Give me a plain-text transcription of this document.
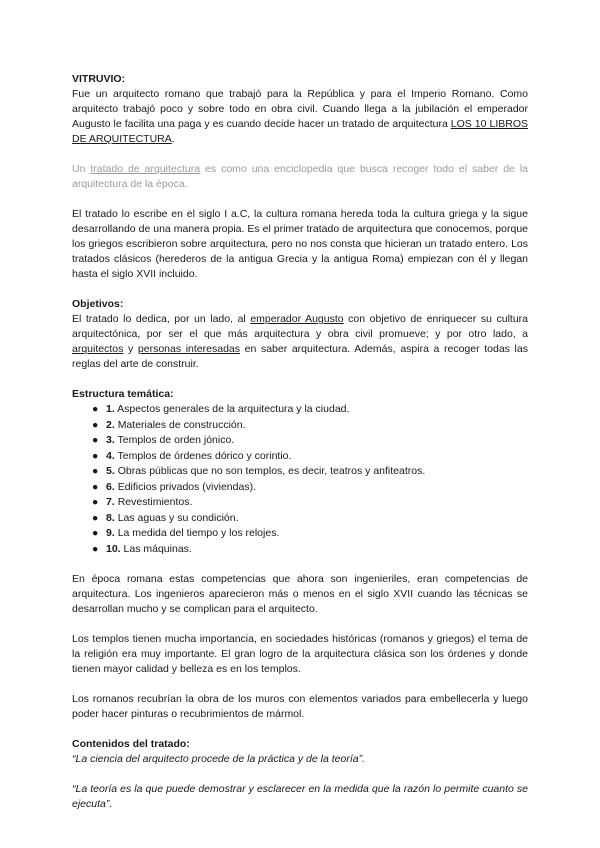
VITRUVIO:

Fue un arquitecto romano que trabajó para la República y para el Imperio Romano. Como arquitecto trabajó poco y sobre todo en obra civil. Cuando llega a la jubilación el emperador Augusto le facilita una paga y es cuando decide hacer un tratado de arquitectura LOS 10 LIBROS DE ARQUITECTURA.

Un tratado de arquitectura es como una enciclopedia que busca recoger todo el saber de la arquitectura de la época.

El tratado lo escribe en el siglo I a.C, la cultura romana hereda toda la cultura griega y la sigue desarrollando de una manera propia. Es el primer tratado de arquitectura que conocemos, porque los griegos escribieron sobre arquitectura, pero no nos consta que hicieran un tratado entero. Los tratados clásicos (herederos de la antigua Grecia y la antigua Roma) empiezan con él y llegan hasta el siglo XVII incluido.

Objetivos:

El tratado lo dedica, por un lado, al emperador Augusto con objetivo de enriquecer su cultura arquitectónica, por ser el que más arquitectura y obra civil promueve; y por otro lado, a arquitectos y personas interesadas en saber arquitectura. Además, aspira a recoger todas las reglas del arte de construir.

Estructura temática:

● 1. Aspectos generales de la arquitectura y la ciudad.
● 2. Materiales de construcción.
● 3. Templos de orden jónico.
● 4. Templos de órdenes dórico y corintio.
● 5. Obras públicas que no son templos, es decir, teatros y anfiteatros.
● 6. Edificios privados (viviendas).
● 7. Revestimientos.
● 8. Las aguas y su condición.
● 9. La medida del tiempo y los relojes.
● 10. Las máquinas.

En época romana estas competencias que ahora son ingenieriles, eran competencias de arquitectura. Los ingenieros aparecieron más o menos en el siglo XVII cuando las técnicas se desarrollan mucho y se complican para el arquitecto.

Los templos tienen mucha importancia, en sociedades históricas (romanos y griegos) el tema de la religión era muy importante. El gran logro de la arquitectura clásica son los órdenes y donde tienen mayor calidad y belleza es en los templos.

Los romanos recubrían la obra de los muros con elementos variados para embellecerla y luego poder hacer pinturas o recubrimientos de mármol.

Contenidos del tratado:

“La ciencia del arquitecto procede de la práctica y de la teoría”.

“La teoría es la que puede demostrar y esclarecer en la medida que la razón lo permite cuanto se ejecuta”.
